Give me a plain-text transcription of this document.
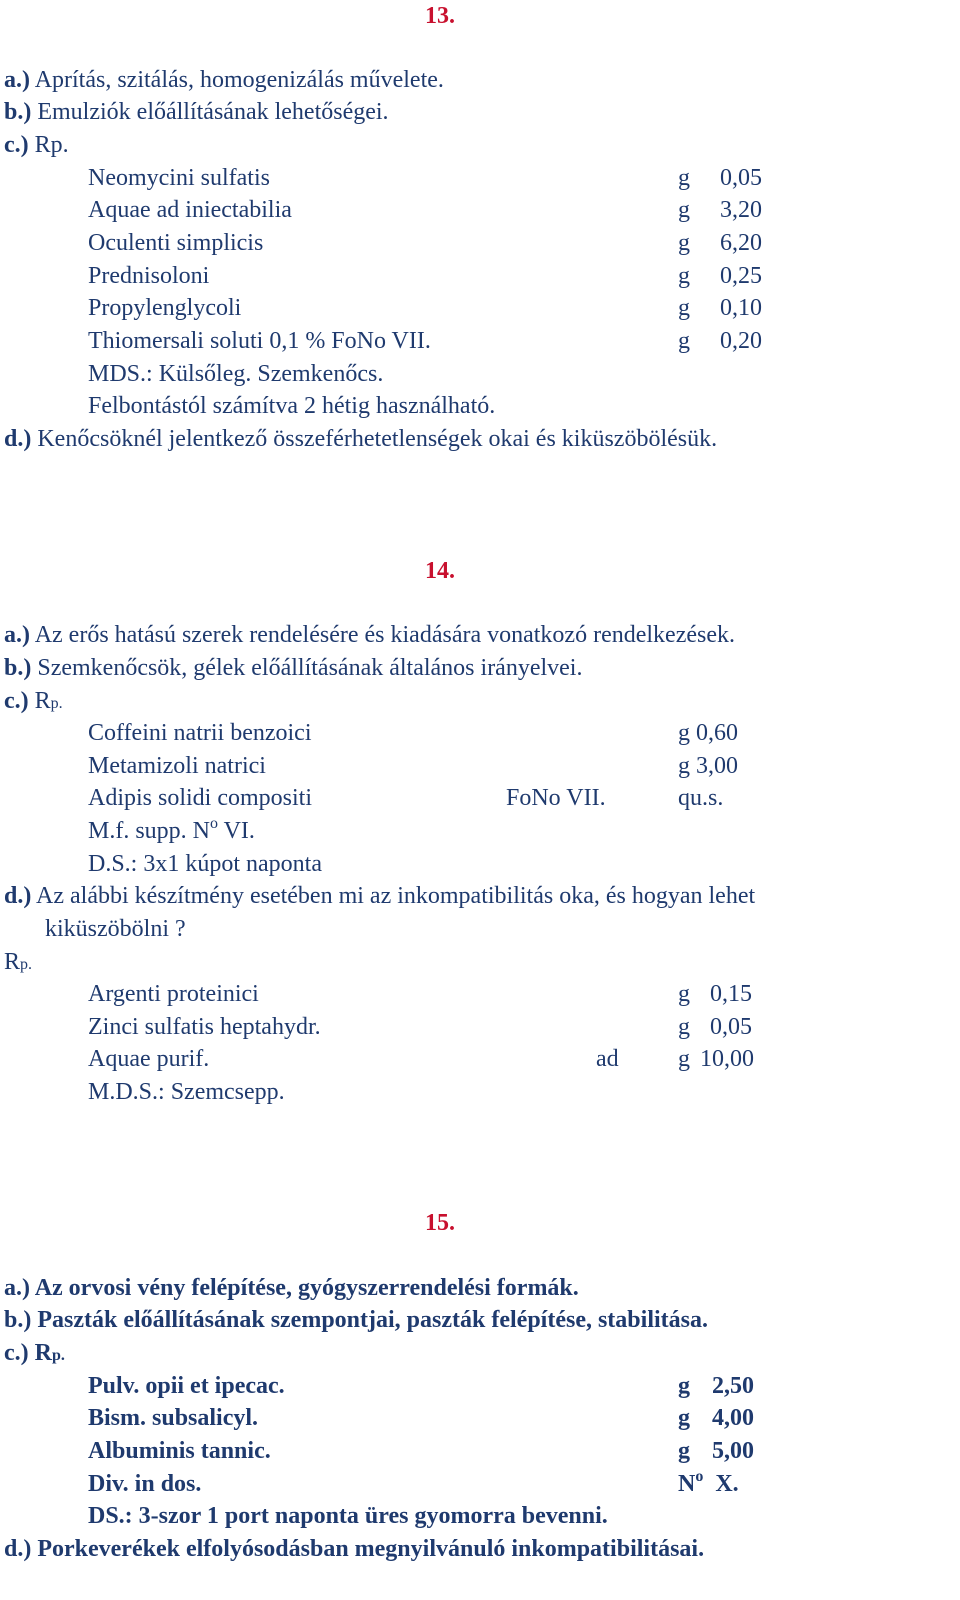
13.
a.) Aprítás, szitálás, homogenizálás művelete.
b.) Emulziók előállításának lehetőségei.
c.) Rp.
Neomycini sulfatis	g 0,05
Aquae ad iniectabilia	g 3,20
Oculenti simplicis	g 6,20
Prednisoloni	g 0,25
Propylenglycoli	g 0,10
Thiomersali soluti 0,1 % FoNo VII.	g 0,20
MDS.: Külsőleg. Szemkenőcs.
Felbontástól számítva 2 hétig használható.
d.) Kenőcsöknél jelentkező összeférhetetlenségek okai és kiküszöbölésük.
14.
a.) Az erős hatású szerek rendelésére és kiadására vonatkozó rendelkezések.
b.) Szemkenőcsök, gélek előállításának általános irányelvei.
c.) Rp.
Coffeini natrii benzoici	g 0,60
Metamizoli natrici	g 3,00
Adipis solidi compositi	FoNo VII.	qu.s.
M.f. supp. $N^o$ VI.
D.S.: 3x1 kúpot naponta
d.) Az alábbi készítmény esetében mi az inkompatibilitás oka, és hogyan lehet
kiküszöbölni ?
Rp.
Argenti proteinici	g 0,15
Zinci sulfatis heptahydr.	g 0,05
Aquae purif.	ad g 10,00
M.D.S.: Szemcsepp.
15.
a.) Az orvosi vény felépítése, gyógyszerrendelési formák.
b.) Paszták előállításának szempontjai, paszták felépítése, stabilitása.
c.) Rp.
Pulv. opii et ipecac.	g 2,50
Bism. subsalicyl.	g 4,00
Albuminis tannic.	g 5,00
Div. in dos.	$N^o$ X.
DS.: 3-szor 1 port naponta üres gyomorra bevenni.
d.) Porkeverékek elfolyósodásban megnyilvánuló inkompatibilitásai.
